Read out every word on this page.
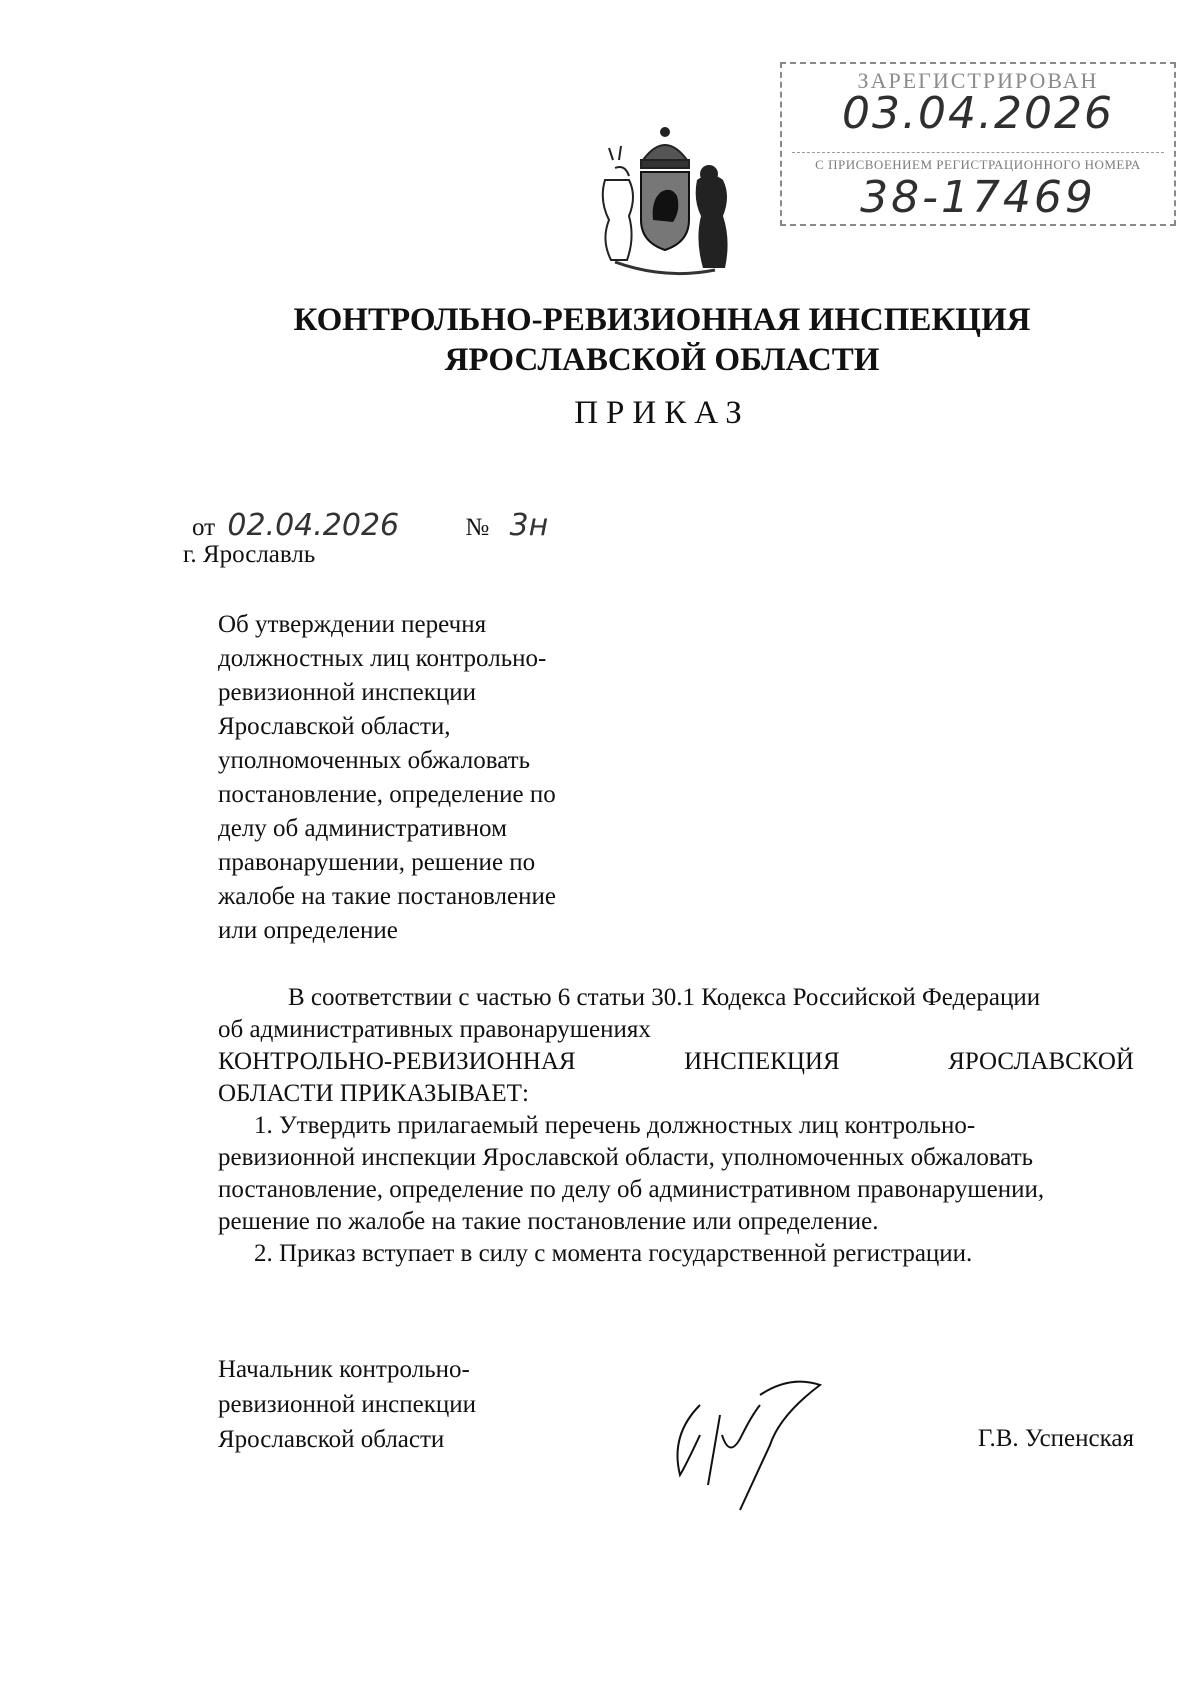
ЗАРЕГИСТРИРОВАН
03.04.2026
С ПРИСВОЕНИЕМ РЕГИСТРАЦИОННОГО НОМЕРА
38-17469
КОНТРОЛЬНО-РЕВИЗИОННАЯ ИНСПЕКЦИЯ
ЯРОСЛАВСКОЙ ОБЛАСТИ
ПРИКАЗ
от 02.04.2026	№ 3н
г. Ярославль
Об утверждении перечня
должностных лиц контрольно-
ревизионной инспекции
Ярославской области,
уполномоченных обжаловать
постановление, определение по
делу об административном
правонарушении, решение по
жалобе на такие постановление
или определение
В соответствии с частью 6 статьи 30.1 Кодекса Российской Федерации
об административных правонарушениях
КОНТРОЛЬНО-РЕВИЗИОННАЯ	ИНСПЕКЦИЯ	ЯРОСЛАВСКОЙ
ОБЛАСТИ ПРИКАЗЫВАЕТ:
1. Утвердить прилагаемый перечень должностных лиц контрольно-
ревизионной инспекции Ярославской области, уполномоченных обжаловать
постановление, определение по делу об административном правонарушении,
решение по жалобе на такие постановление или определение.
2. Приказ вступает в силу с момента государственной регистрации.
Начальник контрольно-
ревизионной инспекции
Ярославской области	Г.В. Успенская
